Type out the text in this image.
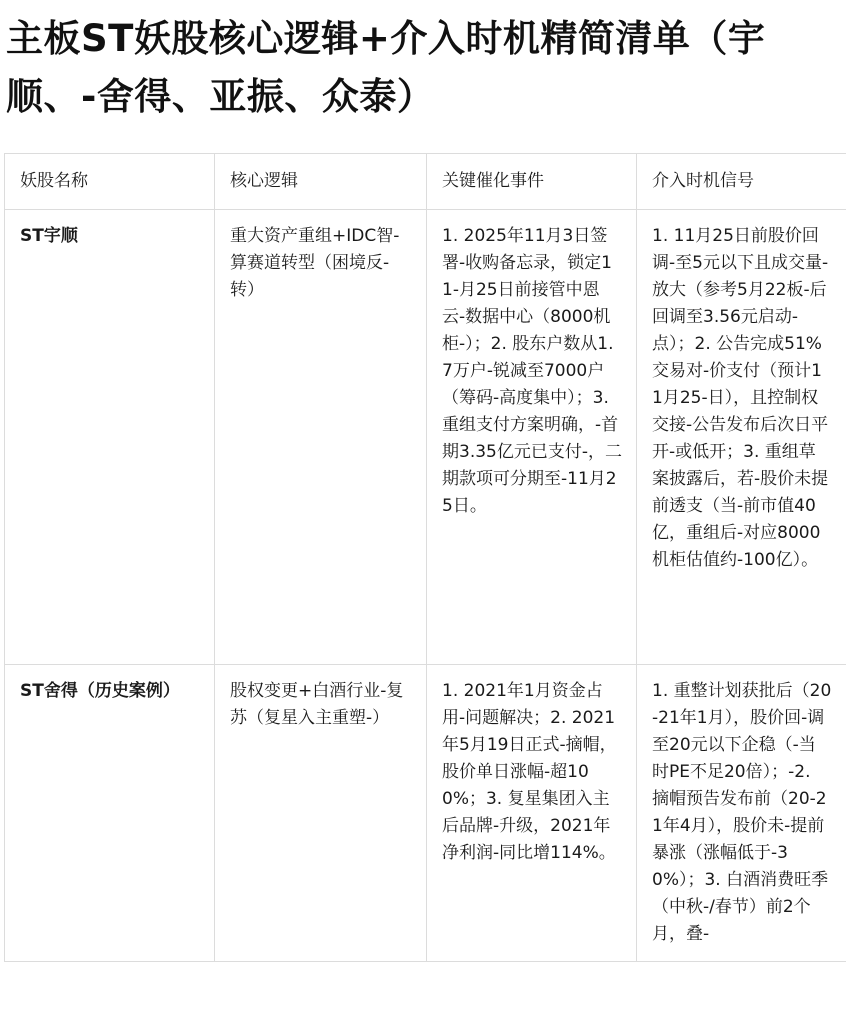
主板ST妖股核心逻辑+介入时机精简清单（宇顺、-舍得、亚振、众泰）
妖股名称	核心逻辑	关键催化事件	介入时机信号
ST宇顺	重大资产重组+IDC智-算赛道转型（困境反-转）	1. 2025年11月3日签署-收购备忘录，锁定11-月25日前接管中恩云-数据中心（8000机柜-）；2. 股东户数从1.7万户-锐减至7000户（筹码-高度集中）；3. 重组支付方案明确，-首期3.35亿元已支付-，二期款项可分期至-11月25日。	1. 11月25日前股价回调-至5元以下且成交量-放大（参考5月22板-后回调至3.56元启动-点）；2. 公告完成51%交易对-价支付（预计11月25-日），且控制权交接-公告发布后次日平开-或低开；3. 重组草案披露后，若-股价未提前透支（当-前市值40亿，重组后-对应8000机柜估值约-100亿）。
ST舍得（历史案例）	股权变更+白酒行业-复苏（复星入主重塑-）	1. 2021年1月资金占用-问题解决；2. 2021年5月19日正式-摘帽，股价单日涨幅-超100%；3. 复星集团入主后品牌-升级，2021年净利润-同比增114%。	1. 重整计划获批后（20-21年1月），股价回-调至20元以下企稳（-当时PE不足20倍）；-2. 摘帽预告发布前（20-21年4月），股价未-提前暴涨（涨幅低于-30%）；3. 白酒消费旺季（中秋-/春节）前2个月，叠-
